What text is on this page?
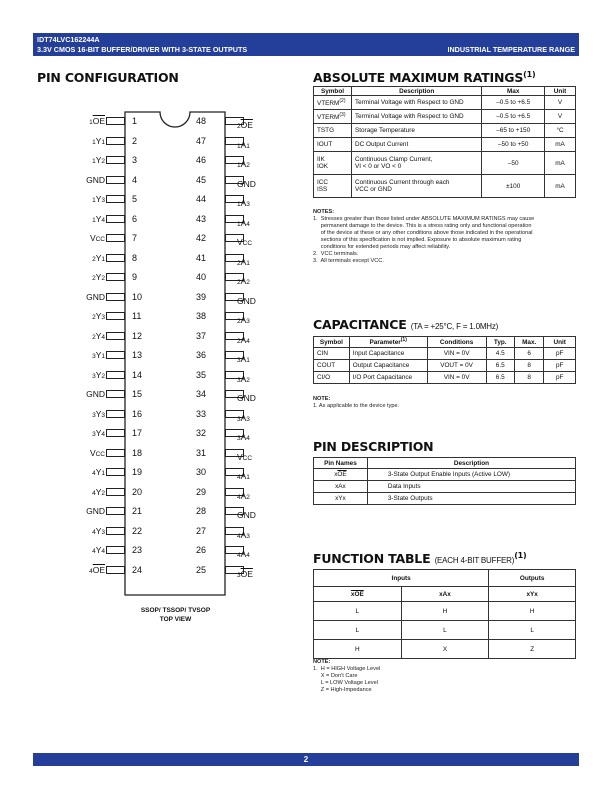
IDT74LVC162244A
3.3V CMOS 16-BIT BUFFER/DRIVER WITH 3-STATE OUTPUTS	INDUSTRIAL TEMPERATURE RANGE
PIN CONFIGURATION
1
$1\overline{OE}$
2
1Y1
3
1Y2
4
GND
5
1Y3
6
1Y4
7
VCC
8
2Y1
9
2Y2
10
GND
11
2Y3
12
2Y4
13
3Y1
14
3Y2
15
GND
16
3Y3
17
3Y4
18
VCC
19
4Y1
20
4Y2
21
GND
22
4Y3
23
4Y4
24
$4\overline{OE}$
48
$2\overline{OE}$
47
1A1
46
1A2
45	GND
44
1A3
43
1A4
42	VCC
41
2A1
40
2A2
39	GND
38
2A3
37
2A4
36
3A1
35
3A2
34	GND
33
3A3
32
3A4
31	VCC
30
4A1
29
4A2
28	GND
27
4A3
26
4A4
25
$3\overline{OE}$
SSOP/ TSSOP/ TVSOP
TOP VIEW
ABSOLUTE MAXIMUM RATINGS$^{(1)}$
Symbol	Description	Max	Unit
VTERM$^{(2)}$	Terminal Voltage with Respect to GND	–0.5 to +6.5	V
VTERM$^{(3)}$	Terminal Voltage with Respect to GND	–0.5 to +6.5	V
TSTG	Storage Temperature	–65 to +150	°C
IOUT	DC Output Current	–50 to +50	mA
IIK
IOK	Continuous Clamp Current,
VI < 0 or VO < 0	–50	mA
ICC
ISS	Continuous Current through each
VCC or GND	±100	mA
NOTES:
1.  Stresses greater than those listed under ABSOLUTE MAXIMUM RATINGS may cause
permanent damage to the device. This is a stress rating only and functional operation
of the device at these or any other conditions above those indicated in the operational
sections of this specification is not implied. Exposure to absolute maximum rating
conditions for extended periods may affect reliability.
2.  VCC terminals.
3.  All terminals except VCC.
CAPACITANCE (TA = +25°C, F = 1.0MHz)
Symbol	Parameter$^{(1)}$	Conditions	Typ.	Max.	Unit
CIN	Input Capacitance	VIN = 0V	4.5	6	pF
COUT	Output Capacitance	VOUT = 0V	6.5	8	pF
CI/O	I/O Port Capacitance	VIN = 0V	6.5	8	pF
NOTE:
1. As applicable to the device type.
PIN DESCRIPTION
Pin Names	Description
$x\overline{OE}$	3-State Output Enable Inputs (Active LOW)
xAx	Data Inputs
xYx	3-State Outputs
FUNCTION TABLE (EACH 4-BIT BUFFER)$^{(1)}$
Inputs		Outputs
$\overline{xOE}$	xAx	xYx
L	H	H
L	L	L
H	X	Z
NOTE:
1.  H = HIGH Voltage Level
X = Don't Care
L = LOW Voltage Level
Z = High-Impedance
2
